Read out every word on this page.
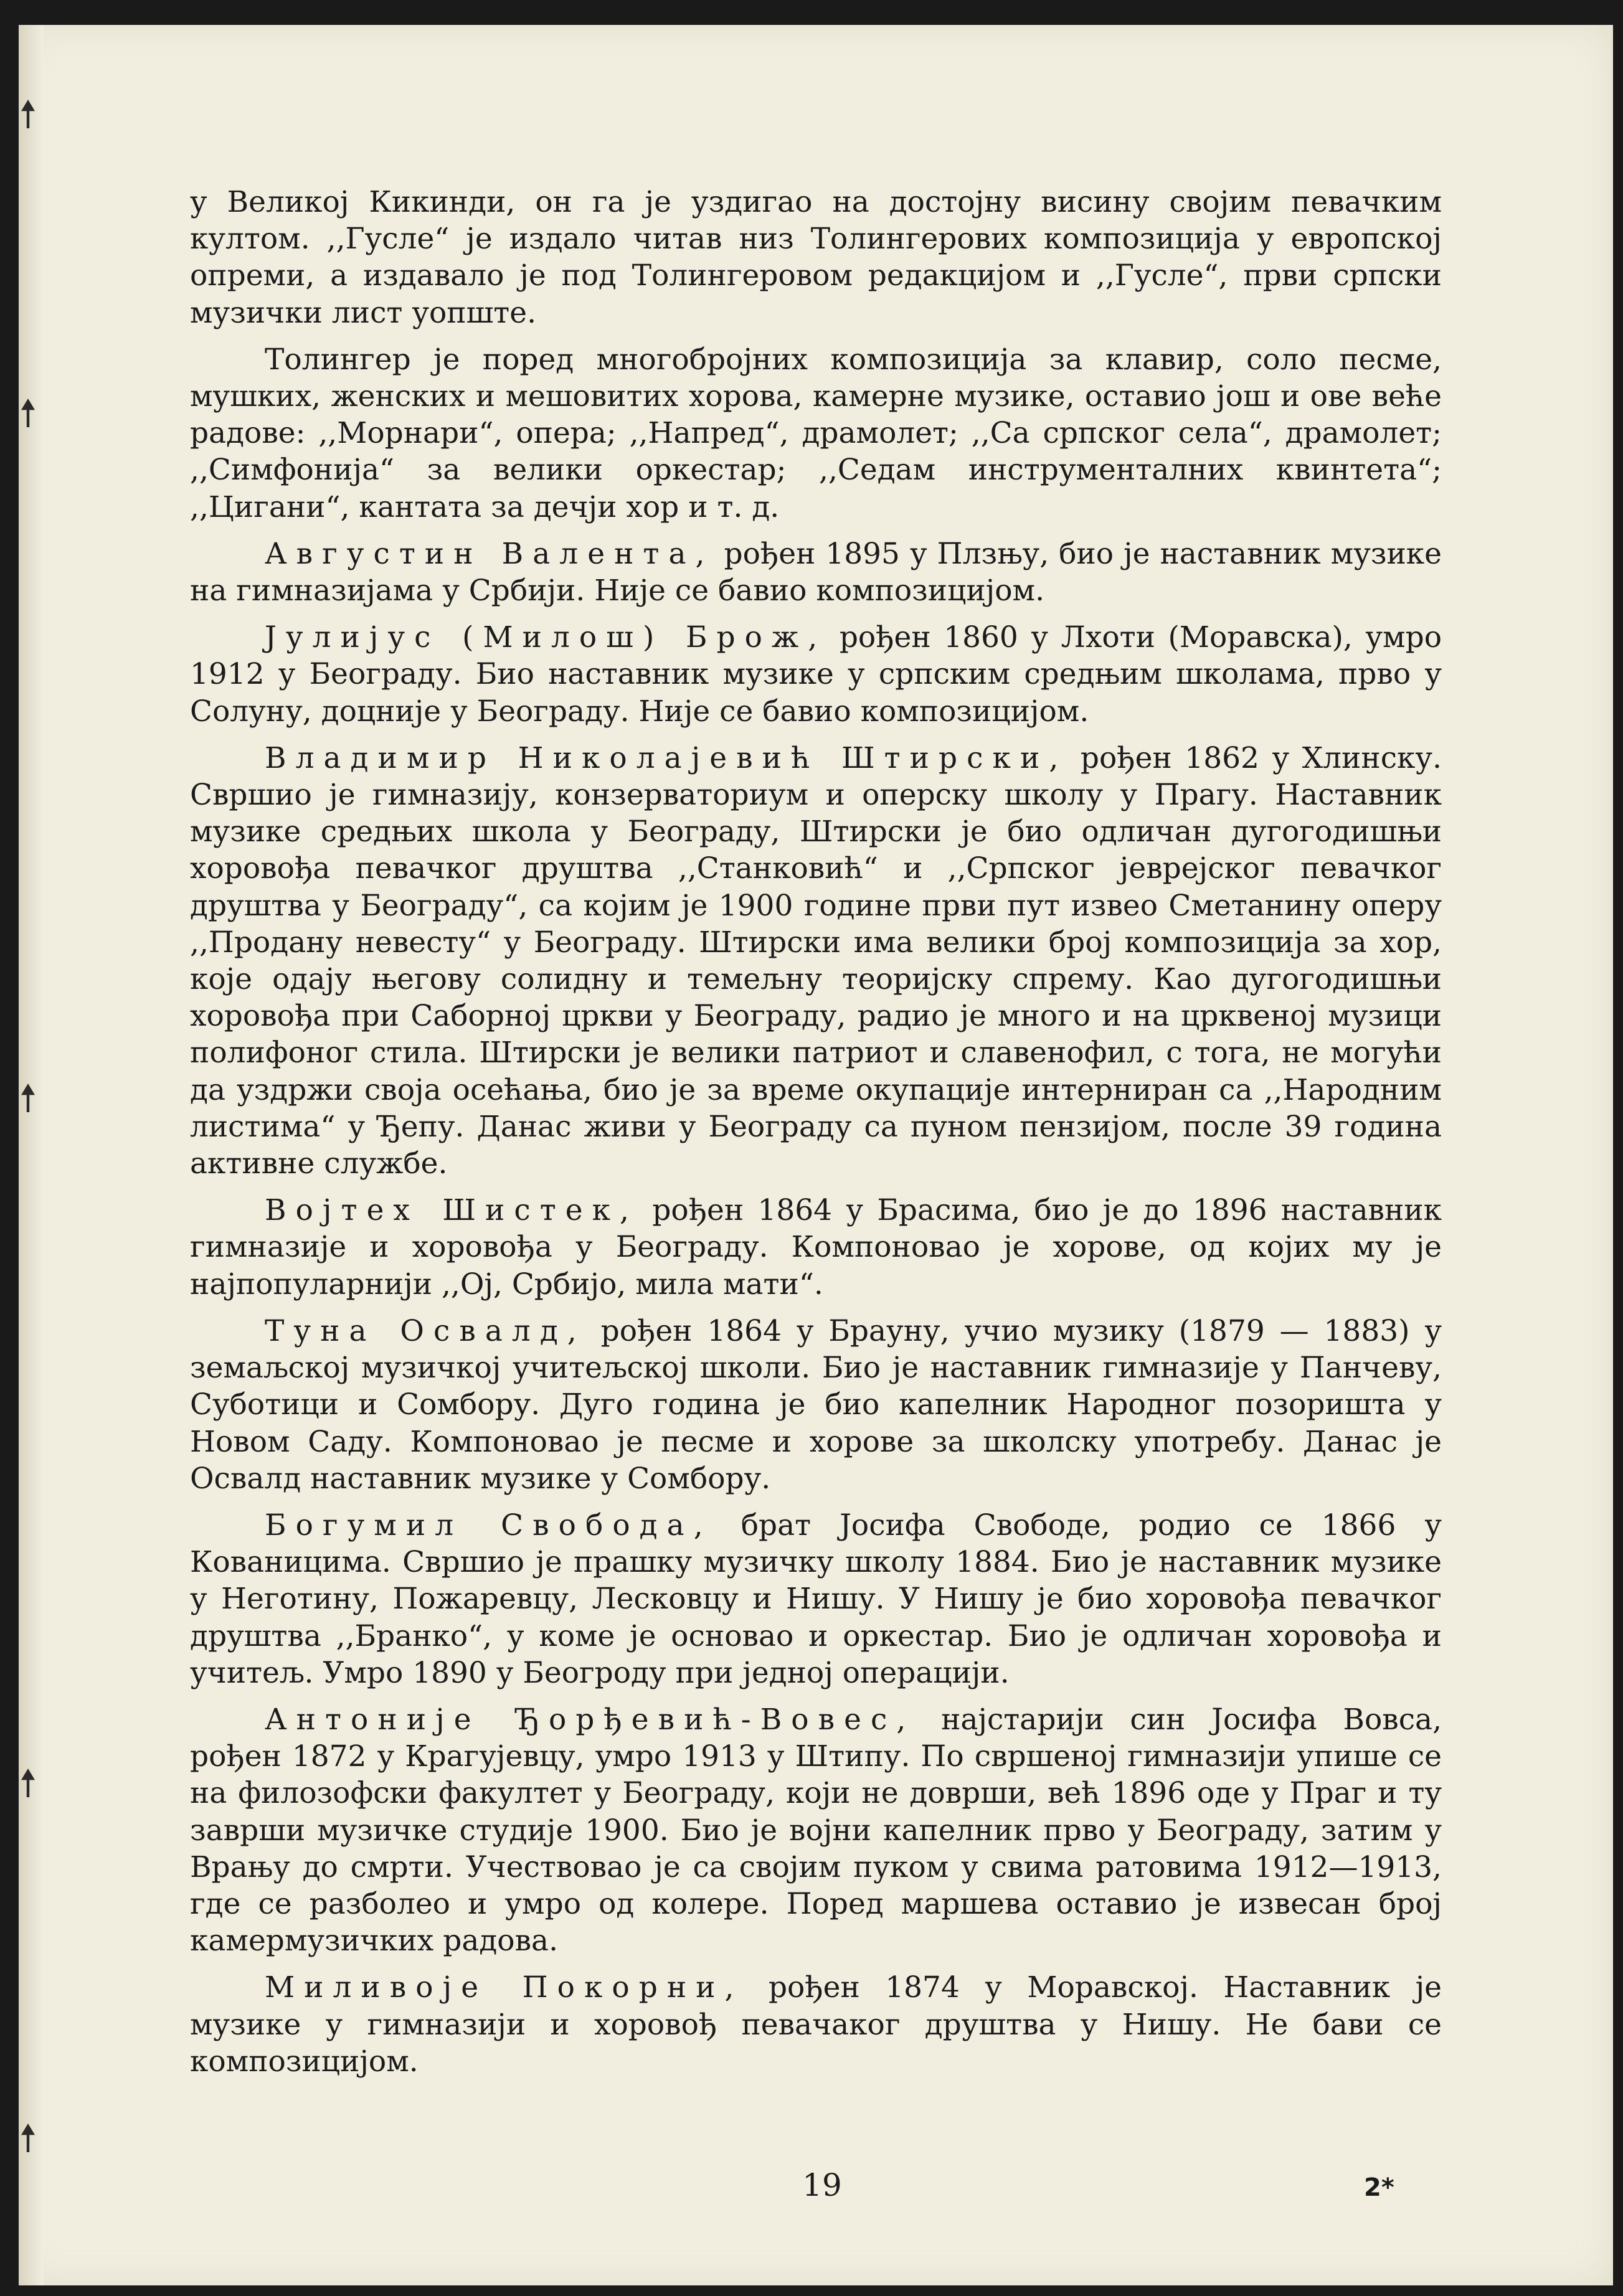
у Великој Кикинди, он га је уздигао на достојну висину својим певачким култом. ,,Гусле“ је издало читав низ Толингерових композиција у европској опреми, а издавало је под Толингеровом редакцијом и ,,Гусле“, први српски музички лист уопште.

Толингер је поред многобројних композиција за клавир, соло песме, мушких, женских и мешовитих хорова, камерне музике, оставио још и ове веће радове: ,,Морнари“, опера; ,,Напред“, драмолет; ,,Са српског села“, драмолет; ,,Симфонија“ за велики оркестар; ,,Седам инструменталних квинтета“; ,,Цигани“, кантата за дечји хор и т. д.

Августин Валента, рођен 1895 у Плзњу, био је наставник музике на гимназијама у Србији. Није се бавио композицијом.

Јулијус (Милош) Брож, рођен 1860 у Лхоти (Моравска), умро 1912 у Београду. Био наставник музике у српским средњим школама, прво у Солуну, доцније у Београду. Није се бавио композицијом.

Владимир Николајевић Штирски, рођен 1862 у Хлинску. Свршио је гимназију, конзерваториум и оперску школу у Прагу. Наставник музике средњих школа у Београду, Штирски је био одличан дугогодишњи хоровођа певачког друштва ,,Станковић“ и ,,Српског јеврејског певачког друштва у Београду“, са којим је 1900 године први пут извео Сметанину оперу ,,Продану невесту“ у Београду. Штирски има велики број композиција за хор, које одају његову солидну и темељну теоријску спрему. Као дугогодишњи хоровођа при Саборној цркви у Београду, радио је много и на црквеној музици полифоног стила. Штирски је велики патриот и славенофил, с тога, не могући да уздржи своја осећања, био је за време окупације интерниран са ,,Народним листима“ у Ђепу. Данас живи у Београду са пуном пензијом, после 39 година активне службе.

Војтех Шистек, рођен 1864 у Брасима, био је до 1896 наставник гимназије и хоровођа у Београду. Компоновао је хорове, од којих му је најпопуларнији ,,Ој, Србијо, мила мати“.

Туна Освалд, рођен 1864 у Брауну, учио музику (1879 — 1883) у земаљској музичкој учитељској школи. Био је наставник гимназије у Панчеву, Суботици и Сомбору. Дуго година је био капелник Народног позоришта у Новом Саду. Компоновао је песме и хорове за школску употребу. Данас је Освалд наставник музике у Сомбору.

Богумил Свобода, брат Јосифа Свободе, родио се 1866 у Кованицима. Свршио је прашку музичку школу 1884. Био је наставник музике у Неготину, Пожаревцу, Лесковцу и Нишу. У Нишу је био хоровођа певачког друштва ,,Бранко“, у коме је основао и оркестар. Био је одличан хоровођа и учитељ. Умро 1890 у Беогроду при једној операцији.

Антоније Ђорђевић-Вовес, најстарији син Јосифа Вовса, рођен 1872 у Крагујевцу, умро 1913 у Штипу. По свршеној гимназији упише се на филозофски факултет у Београду, који не доврши, већ 1896 оде у Праг и ту заврши музичке студије 1900. Био је војни капелник прво у Београду, затим у Врању до смрти. Учествовао је са својим пуком у свима ратовима 1912—1913, где се разболео и умро од колере. Поред маршева оставио је извесан број камермузичких радова.

Миливоје Покорни, рођен 1874 у Моравској. Наставник је музике у гимназији и хоровођ певачаког друштва у Нишу. Не бави се композицијом.

19	2*
